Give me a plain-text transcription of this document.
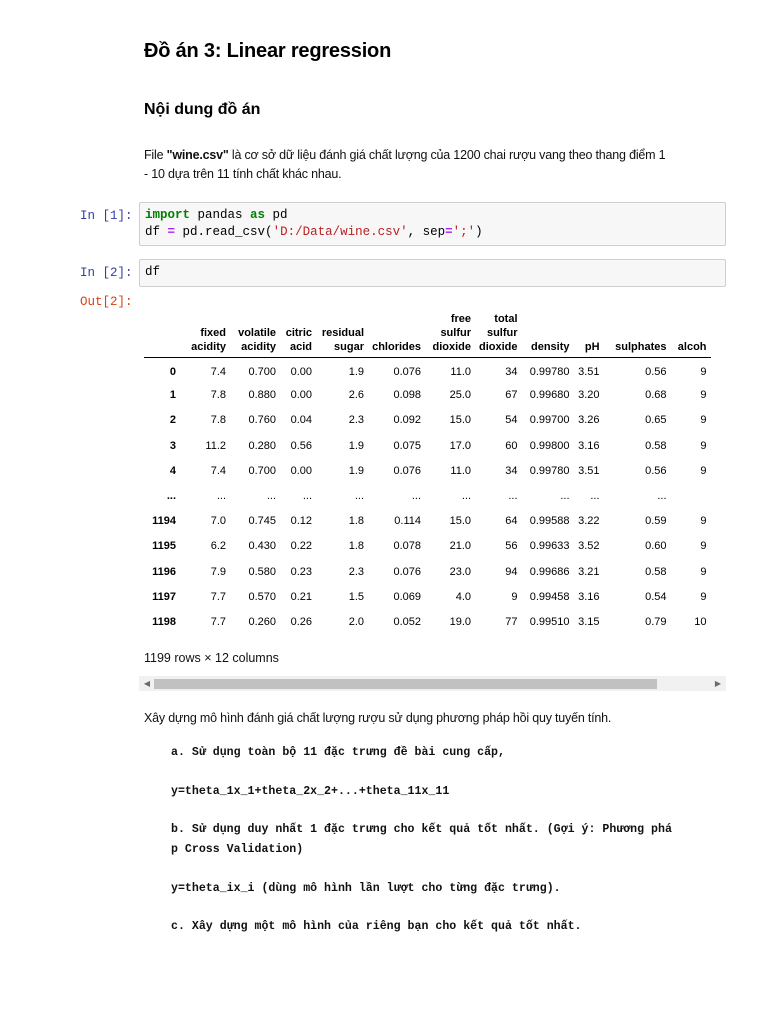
Đồ án 3: Linear regression
Nội dung đồ án
File "wine.csv" là cơ sở dữ liệu đánh giá chất lượng của 1200 chai rượu vang theo thang điểm 1
- 10 dựa trên 11 tính chất khác nhau.
In [1]: import pandas as pd
df = pd.read_csv('D:/Data/wine.csv', sep=';')
In [2]: df
Out[2]:
	fixed acidity	volatile acidity	citric acid	residual sugar	chlorides	free sulfur dioxide	total sulfur dioxide	density	pH	sulphates	alcoh
0	7.4	0.700	0.00	1.9	0.076	11.0	34	0.99780	3.51	0.56	9
1	7.8	0.880	0.00	2.6	0.098	25.0	67	0.99680	3.20	0.68	9
2	7.8	0.760	0.04	2.3	0.092	15.0	54	0.99700	3.26	0.65	9
3	11.2	0.280	0.56	1.9	0.075	17.0	60	0.99800	3.16	0.58	9
4	7.4	0.700	0.00	1.9	0.076	11.0	34	0.99780	3.51	0.56	9
...	...	...	...	...	...	...	...	...	...	...	
1194	7.0	0.745	0.12	1.8	0.114	15.0	64	0.99588	3.22	0.59	9
1195	6.2	0.430	0.22	1.8	0.078	21.0	56	0.99633	3.52	0.60	9
1196	7.9	0.580	0.23	2.3	0.076	23.0	94	0.99686	3.21	0.58	9
1197	7.7	0.570	0.21	1.5	0.069	4.0	9	0.99458	3.16	0.54	9
1198	7.7	0.260	0.26	2.0	0.052	19.0	77	0.99510	3.15	0.79	10
1199 rows × 12 columns
◀	▶
Xây dựng mô hình đánh giá chất lượng rượu sử dụng phương pháp hồi quy tuyến tính.
a. Sử dụng toàn bộ 11 đặc trưng đề bài cung cấp,
y=theta_1x_1+theta_2x_2+...+theta_11x_11
b. Sử dụng duy nhất 1 đặc trưng cho kết quả tốt nhất. (Gợi ý: Phương phá
p Cross Validation)
y=theta_ix_i (dùng mô hình lần lượt cho từng đặc trưng).
c. Xây dựng một mô hình của riêng bạn cho kết quả tốt nhất.
